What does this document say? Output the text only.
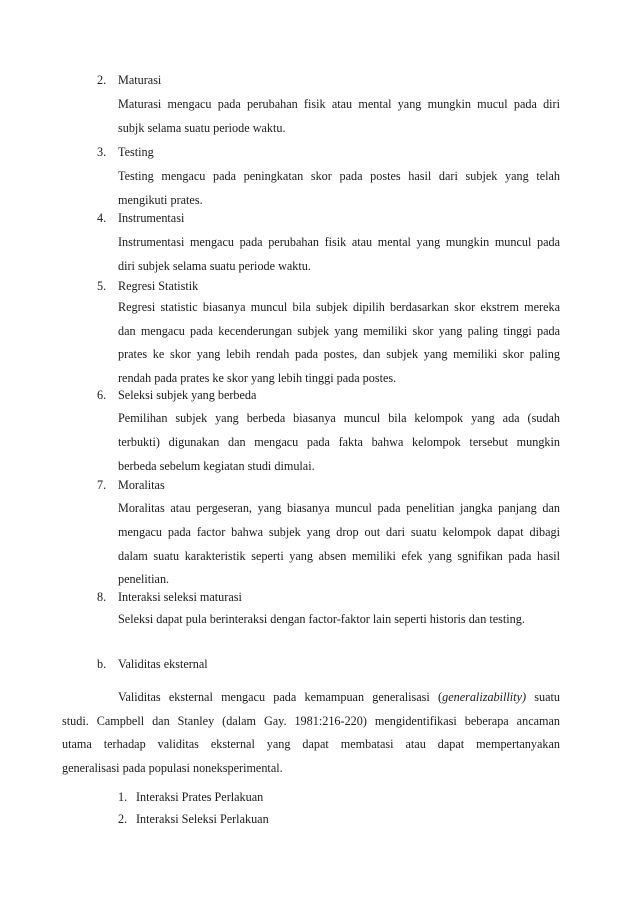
2. Maturasi
Maturasi mengacu pada perubahan fisik atau mental yang mungkin mucul pada diri
subjk selama suatu periode waktu.
3. Testing
Testing mengacu pada peningkatan skor pada postes hasil dari subjek yang telah
mengikuti prates.
4. Instrumentasi
Instrumentasi mengacu pada perubahan fisik atau mental yang mungkin muncul pada
diri subjek selama suatu periode waktu.
5. Regresi Statistik
Regresi statistic biasanya muncul bila subjek dipilih berdasarkan skor ekstrem mereka
dan mengacu pada kecenderungan subjek yang memiliki skor yang paling tinggi pada
prates ke skor yang lebih rendah pada postes, dan subjek yang memiliki skor paling
rendah pada prates ke skor yang lebih tinggi pada postes.
6. Seleksi subjek yang berbeda
Pemilihan subjek yang berbeda biasanya muncul bila kelompok yang ada (sudah
terbukti) digunakan dan mengacu pada fakta bahwa kelompok tersebut mungkin
berbeda sebelum kegiatan studi dimulai.
7. Moralitas
Moralitas atau pergeseran, yang biasanya muncul pada penelitian jangka panjang dan
mengacu pada factor bahwa subjek yang drop out dari suatu kelompok dapat dibagi
dalam suatu karakteristik seperti yang absen memiliki efek yang sgnifikan pada hasil
penelitian.
8. Interaksi seleksi maturasi
Seleksi dapat pula berinteraksi dengan factor-faktor lain seperti historis dan testing.
b. Validitas eksternal
Validitas eksternal mengacu pada kemampuan generalisasi (generalizabillity) suatu
studi. Campbell dan Stanley (dalam Gay. 1981:216-220) mengidentifikasi beberapa ancaman
utama terhadap validitas eksternal yang dapat membatasi atau dapat mempertanyakan
generalisasi pada populasi noneksperimental.
1. Interaksi Prates Perlakuan
2. Interaksi Seleksi Perlakuan
